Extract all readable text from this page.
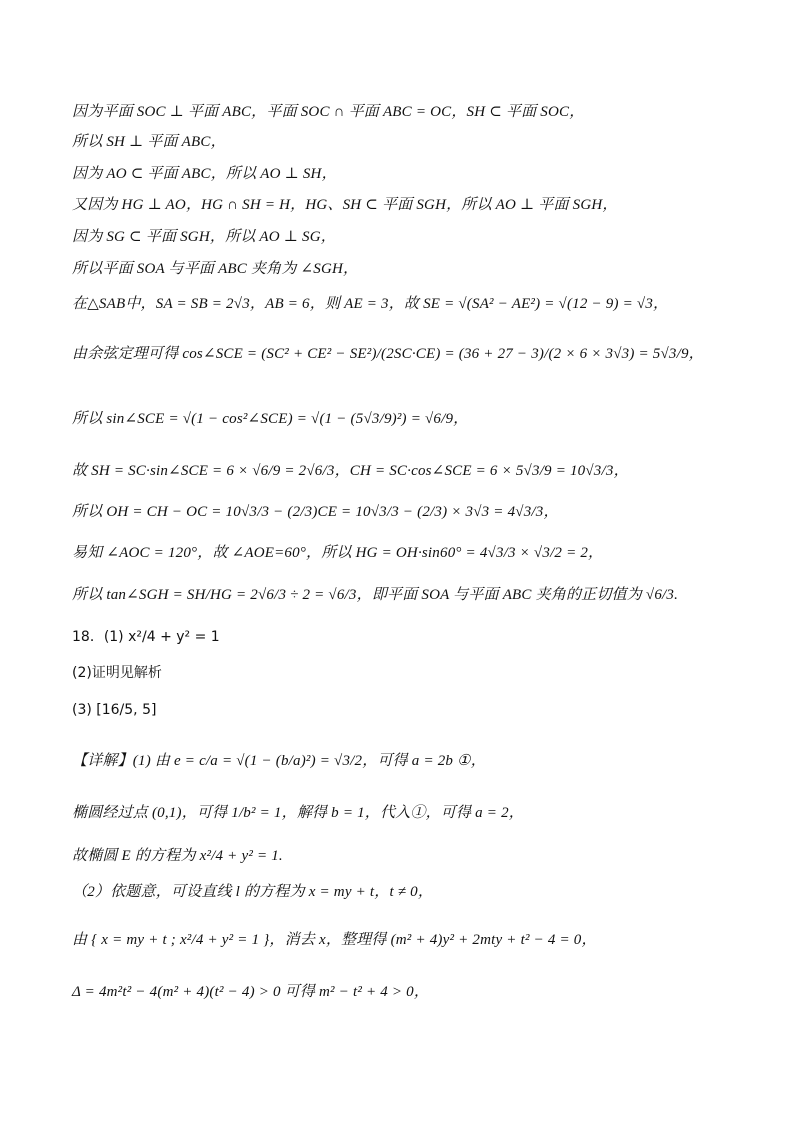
因为平面 SOC ⊥ 平面 ABC，平面 SOC ∩ 平面 ABC = OC，SH ⊂ 平面 SOC，
所以 SH ⊥ 平面 ABC，
因为 AO ⊂ 平面 ABC，所以 AO ⊥ SH，
又因为 HG ⊥ AO，HG ∩ SH = H，HG、SH ⊂ 平面 SGH，所以 AO ⊥ 平面 SGH，
因为 SG ⊂ 平面 SGH，所以 AO ⊥ SG，
所以平面 SOA 与平面 ABC 夹角为 ∠SGH，
在△SAB中，SA = SB = 2√3，AB = 6，则 AE = 3，故 SE = √(SA² − AE²) = √(12 − 9) = √3，
由余弦定理可得 cos∠SCE = (SC² + CE² − SE²)/(2SC·CE) = (36 + 27 − 3)/(2 × 6 × 3√3) = 5√3/9，
所以 sin∠SCE = √(1 − cos²∠SCE) = √(1 − (5√3/9)²) = √6/9，
故 SH = SC·sin∠SCE = 6 × √6/9 = 2√6/3，CH = SC·cos∠SCE = 6 × 5√3/9 = 10√3/3，
所以 OH = CH − OC = 10√3/3 − (2/3)CE = 10√3/3 − (2/3) × 3√3 = 4√3/3，
易知 ∠AOC = 120°，故 ∠AOE=60°，所以 HG = OH·sin60° = 4√3/3 × √3/2 = 2，
所以 tan∠SGH = SH/HG = 2√6/3 ÷ 2 = √6/3，即平面 SOA 与平面 ABC 夹角的正切值为 √6/3.
18．(1) x²/4 + y² = 1
(2)证明见解析
(3) [16/5, 5]
【详解】(1) 由 e = c/a = √(1 − (b/a)²) = √3/2，可得 a = 2b ①，
椭圆经过点 (0,1)，可得 1/b² = 1，解得 b = 1，代入①，可得 a = 2，
故椭圆 E 的方程为 x²/4 + y² = 1.
（2）依题意，可设直线 l 的方程为 x = my + t，t ≠ 0，
由 { x = my + t ; x²/4 + y² = 1 }，消去 x，整理得 (m² + 4)y² + 2mty + t² − 4 = 0，
Δ = 4m²t² − 4(m² + 4)(t² − 4) > 0 可得 m² − t² + 4 > 0，
